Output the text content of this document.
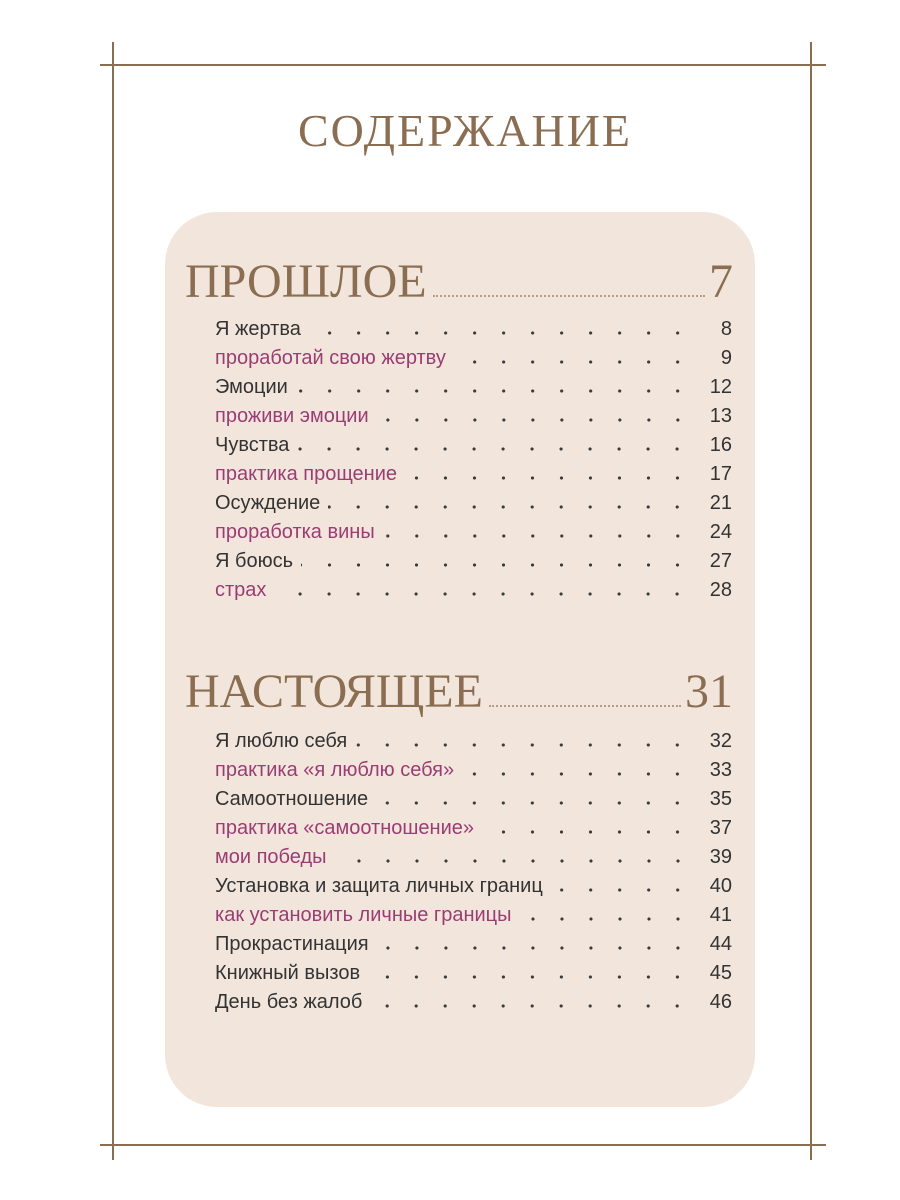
СОДЕРЖАНИЕ
ПРОШЛОЕ	7
Я жертва	8
проработай свою жертву	9
Эмоции	12
проживи эмоции	13
Чувства	16
практика прощение	17
Осуждение	21
проработка вины	24
Я боюсь	27
страх	28
НАСТОЯЩЕЕ	31
Я люблю себя	32
практика «я люблю себя»	33
Самоотношение	35
практика «самоотношение»	37
мои победы	39
Установка и защита личных границ	40
как установить личные границы	41
Прокрастинация	44
Книжный вызов	45
День без жалоб	46
